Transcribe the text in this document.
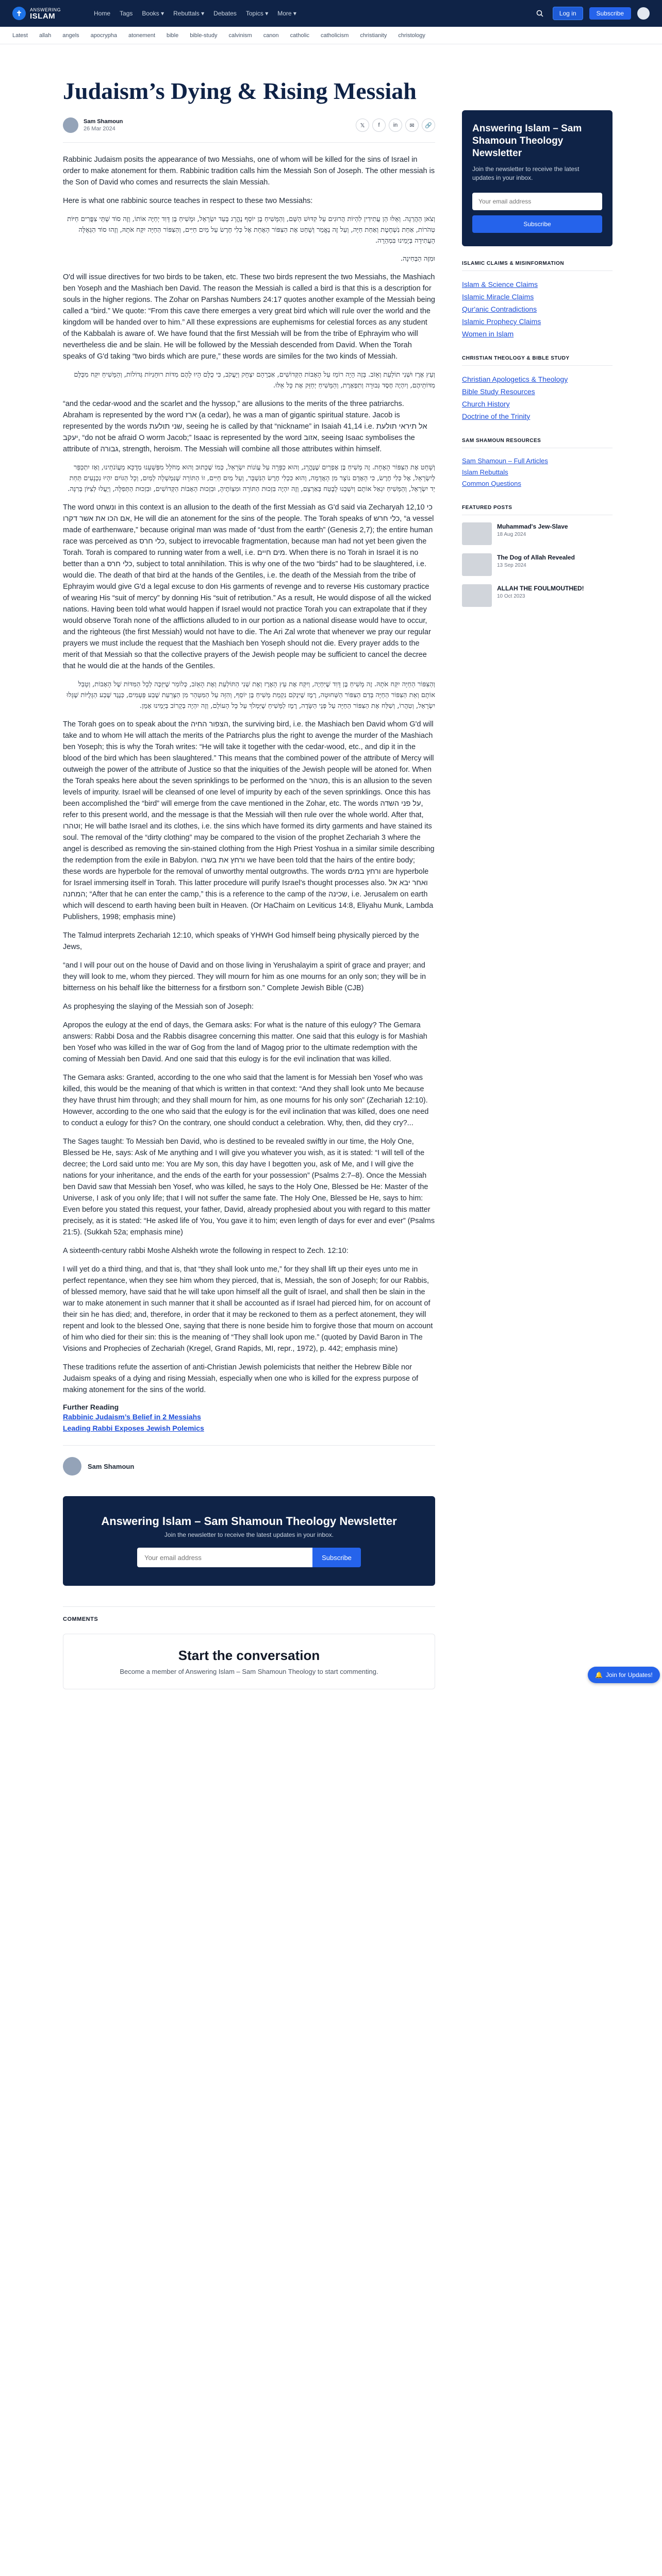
✝	ANSWERING
ISLAM	Home Tags Books ▾ Rebuttals ▾ Debates Topics ▾ More ▾	Log in	Subscribe
Latest allah angels apocrypha atonement bible bible-study calvinism canon catholic catholicism christianity christology
Judaism’s Dying & Rising Messiah
Sam Shamoun
26 Mar 2024
𝕏	f	in	✉	🔗

Rabbinic Judaism posits the appearance of two Messiahs, one of whom will be killed for the sins of Israel in order to make atonement for them. Rabbinic tradition calls him the Messiah Son of Joseph. The other messiah is the Son of David who comes and resurrects the slain Messiah.

Here is what one rabbinic source teaches in respect to these two Messiahs:

וְצֹאן הַהֲרֵגָה. וְאֵלּוּ הֵן עֲתִידִין לִהְיוֹת הֲרוּגִים עַל קִדּוּשׁ הַשֵּׁם, וְהַמָּשִׁיחַ בֶּן יוֹסֵף נֶהֱרָג בְּעַד יִשְׂרָאֵל, וּמָשִׁיחַ בֶּן דָּוִד יְחַיֶּה אוֹתוֹ, וְזֶה סוֹד שְׁתֵּי צִפֳּרִים חַיּוֹת טְהֹרוֹת, אַחַת נִשְׁחֶטֶת וְאַחַת חַיָּה, וְעַל זֶה נֶאֱמַר וְשָׁחַט אֶת הַצִּפּוֹר הָאֶחָת אֶל כְּלִי חֶרֶשׂ עַל מַיִם חַיִּים, וְהַצִּפּוֹר הַחַיָּה יִקַּח אֹתָהּ, וְזֶהוּ סוֹד הַגְּאֻלָּה הָעֲתִידָה בְּיָמֵינוּ בִּמְהֵרָה.

וּמִזֶּה הַבְּחִינָה.

O'd will issue directives for two birds to be taken, etc. These two birds represent the two Messiahs, the Mashiach ben Yoseph and the Mashiach ben David. The reason the Messiah is called a bird is that this is a description for souls in the higher regions. The Zohar on Parshas Numbers 24:17 quotes another example of the Messiah being called a “bird.” We quote: “From this cave there emerges a very great bird which will rule over the world and the kingdom will be handed over to him.” All these expressions are euphemisms for celestial forces as any student of the Kabbalah is aware of. We have found that the first Messiah will be from the tribe of Ephrayim who will nevertheless die and be slain. He will be followed by the Messiah descended from David. When the Torah speaks of G'd taking “two birds which are pure,” these words are similes for the two kinds of Messiah.

וְעֵץ אֶרֶז וּשְׁנִי תוֹלַעַת וְאֵזֹב. בָּזֶה הָיָה רוֹמֵז עַל הָאָבוֹת הַקְּדוֹשִׁים, אַבְרָהָם יִצְחָק וְיַעֲקֹב, כִּי כֻלָּם הָיוּ לָהֶם מִדּוֹת רוּחָנִיּוֹת גְּדוֹלוֹת, וְהַמָּשִׁיחַ יִקַּח מִכֻּלָּם מִדּוֹתֵיהֶם, וְיִהְיֶה חֶסֶד גְּבוּרָה וְתִפְאֶרֶת, וְהַמָּשִׁיחַ יְחַזֵּק אֶת כָּל אֵלּוּ.

“and the cedar-wood and the scarlet and the hyssop,” are allusions to the merits of the three patriarchs. Abraham is represented by the word ארז (a cedar), he was a man of gigantic spiritual stature. Jacob is represented by the words שני תולעת, seeing he is called by that “nickname” in Isaiah 41,14 i.e. אל תיראי תולעת יעקב, “do not be afraid O worm Jacob;” Isaac is represented by the word אזוב, seeing Isaac symbolises the attribute of גבורה, strength, heroism. The Messiah will combine all those attributes within himself.

וְשָׁחַט אֶת הַצִּפּוֹר הָאֶחָת. זֶה מָשִׁיחַ בֶּן אֶפְרַיִם שֶׁנֶּהֱרָג, וְהוּא כַפָּרָה עַל עֲוֹנוֹת יִשְׂרָאֵל, כְּמוֹ שֶׁכָּתוּב וְהוּא מְחֹלָל מִפְּשָׁעֵנוּ מְדֻכָּא מֵעֲוֹנֹתֵינוּ, וְאָז יִתְכַּפֵּר לְיִשְׂרָאֵל, אֶל כְּלִי חֶרֶשׂ, כִּי הָאָדָם נוֹצָר מִן הָאֲדָמָה, וְהוּא כִּכְלִי חֶרֶשׂ הַנִּשְׁבָּר, וְעַל מַיִם חַיִּים, זוֹ הַתּוֹרָה שֶׁנִּמְשְׁלָה לְמַיִם, וְכָל הַגּוֹיִם יִהְיוּ נִכְנָעִים תַּחַת יַד יִשְׂרָאֵל, וְהַמָּשִׁיחַ יִגְאַל אוֹתָם וְיִשְׁכְּנוּ לָבֶטַח בְּאַרְצָם, וְזֶה יִהְיֶה בִּזְכוּת הַתּוֹרָה וּמִצְוֹתֶיהָ, וּבִזְכוּת הָאָבוֹת הַקְּדוֹשִׁים, וּבִזְכוּת הַתְּפִלָּה, וְיַעֲלוּ לְצִיּוֹן בְּרִנָּה.

The word ונשחט in this context is an allusion to the death of the first Messiah as G'd said via Zecharyah 12,10 כי אם הכו את אשר דקרו, He will die an atonement for the sins of the people. The Torah speaks of כלי חרש, “a vessel made of earthenware,” because original man was made of “dust from the earth” (Genesis 2,7); the entire human race was perceived as כלי חרס, subject to irrevocable fragmentation, because man had not yet been given the Torah. Torah is compared to running water from a well, i.e. מים חיים. When there is no Torah in Israel it is no better than a כלי חרס, subject to total annihilation. This is why one of the two “birds” had to be slaughtered, i.e. would die. The death of that bird at the hands of the Gentiles, i.e. the death of the Messiah from the tribe of Ephrayim would give G'd a legal excuse to don His garments of revenge and to reverse His customary practice of wearing His “suit of mercy” by donning His “suit of retribution.” As a result, He would dispose of all the wicked nations. Having been told what would happen if Israel would not practice Torah you can extrapolate that if they would observe Torah none of the afflictions alluded to in our portion as a national disease would have to occur, and the righteous (the first Messiah) would not have to die. The Ari Zal wrote that whenever we pray our regular prayers we must include the request that the Mashiach ben Yoseph should not die. Every prayer adds to the merit of that Messiah so that the collective prayers of the Jewish people may be sufficient to cancel the decree that he would die at the hands of the Gentiles.

וְהַצִּפּוֹר הַחַיָּה יִקַּח אֹתָהּ. זֶה מָשִׁיחַ בֶּן דָּוִד שֶׁיִּחְיֶה, וְיִקַּח אֶת עֵץ הָאֶרֶז וְאֶת שְׁנִי הַתּוֹלַעַת וְאֶת הָאֵזֹב, כְּלוֹמַר שֶׁיִּזְכֶּה לְכָל הַמִּדּוֹת שֶׁל הָאָבוֹת, וְטָבַל אוֹתָם וְאֵת הַצִּפּוֹר הַחַיָּה בְּדַם הַצִּפּוֹר הַשְּׁחוּטָה, רֶמֶז שֶׁיִּנְקֹם נִקְמַת מָשִׁיחַ בֶּן יוֹסֵף, וְהִזָּה עַל הַמִּטַּהֵר מִן הַצָּרַעַת שֶׁבַע פְּעָמִים, כְּנֶגֶד שֶׁבַע הַגָּלֻיּוֹת שֶׁגָּלוּ יִשְׂרָאֵל, וְטִהֲרוֹ, וְשִׁלַּח אֶת הַצִּפּוֹר הַחַיָּה עַל פְּנֵי הַשָּׂדֶה, רֶמֶז לַמָּשִׁיחַ שֶׁיִּמְלֹךְ עַל כָּל הָעוֹלָם, וְזֶה יִהְיֶה בְּקָרוֹב בְּיָמֵינוּ אָמֵן.

The Torah goes on to speak about the הצפור החיה, the surviving bird, i.e. the Mashiach ben David whom G'd will take and to whom He will attach the merits of the Patriarchs plus the right to avenge the murder of the Mashiach ben Yoseph; this is why the Torah writes: “He will take it together with the cedar-wood, etc., and dip it in the blood of the bird which has been slaughtered.” This means that the combined power of the attribute of Mercy will outweigh the power of the attribute of Justice so that the iniquities of the Jewish people will be atoned for. When the Torah speaks here about the seven sprinklings to be performed on the מטהר, this is an allusion to the seven levels of impurity. Israel will be cleansed of one level of impurity by each of the seven sprinklings. Once this has been accomplished the “bird” will emerge from the cave mentioned in the Zohar, etc. The words על פני השדה, refer to this present world, and the message is that the Messiah will then rule over the whole world. After that, וטהרו; He will bathe Israel and its clothes, i.e. the sins which have formed its dirty garments and have stained its soul. The removal of the “dirty clothing” may be compared to the vision of the prophet Zechariah 3 where the angel is described as removing the sin-stained clothing from the High Priest Yoshua in a similar simile describing the redemption from the exile in Babylon. ורחץ את בשרו we have been told that the hairs of the entire body; these words are hyperbole for the removal of unworthy mental outgrowths. The words ורחץ במים are hyperbole for Israel immersing itself in Torah. This latter procedure will purify Israel’s thought processes also. ואחר יבא אל המחנה; “After that he can enter the camp,” this is a reference to the camp of the שכינה, i.e. Jerusalem on earth which will descend to earth having been built in Heaven. (Or HaChaim on Leviticus 14:8, Eliyahu Munk, Lambda Publishers, 1998; emphasis mine)

The Talmud interprets Zechariah 12:10, which speaks of YHWH God himself being physically pierced by the Jews,

“and I will pour out on the house of David and on those living in Yerushalayim a spirit of grace and prayer; and they will look to me, whom they pierced. They will mourn for him as one mourns for an only son; they will be in bitterness on his behalf like the bitterness for a firstborn son.” Complete Jewish Bible (CJB)

As prophesying the slaying of the Messiah son of Joseph:

Apropos the eulogy at the end of days, the Gemara asks: For what is the nature of this eulogy? The Gemara answers: Rabbi Dosa and the Rabbis disagree concerning this matter. One said that this eulogy is for Mashiah ben Yosef who was killed in the war of Gog from the land of Magog prior to the ultimate redemption with the coming of Messiah ben David. And one said that this eulogy is for the evil inclination that was killed.

The Gemara asks: Granted, according to the one who said that the lament is for Messiah ben Yosef who was killed, this would be the meaning of that which is written in that context: “And they shall look unto Me because they have thrust him through; and they shall mourn for him, as one mourns for his only son” (Zechariah 12:10). However, according to the one who said that the eulogy is for the evil inclination that was killed, does one need to conduct a eulogy for this? On the contrary, one should conduct a celebration. Why, then, did they cry?...

The Sages taught: To Messiah ben David, who is destined to be revealed swiftly in our time, the Holy One, Blessed be He, says: Ask of Me anything and I will give you whatever you wish, as it is stated: “I will tell of the decree; the Lord said unto me: You are My son, this day have I begotten you, ask of Me, and I will give the nations for your inheritance, and the ends of the earth for your possession” (Psalms 2:7–8). Once the Messiah ben David saw that Messiah ben Yosef, who was killed, he says to the Holy One, Blessed be He: Master of the Universe, I ask of you only life; that I will not suffer the same fate. The Holy One, Blessed be He, says to him: Even before you stated this request, your father, David, already prophesied about you with regard to this matter precisely, as it is stated: “He asked life of You, You gave it to him; even length of days for ever and ever” (Psalms 21:5). (Sukkah 52a; emphasis mine)

A sixteenth-century rabbi Moshe Alshekh wrote the following in respect to Zech. 12:10:

I will yet do a third thing, and that is, that “they shall look unto me,” for they shall lift up their eyes unto me in perfect repentance, when they see him whom they pierced, that is, Messiah, the son of Joseph; for our Rabbis, of blessed memory, have said that he will take upon himself all the guilt of Israel, and shall then be slain in the war to make atonement in such manner that it shall be accounted as if Israel had pierced him, for on account of their sin he has died; and, therefore, in order that it may be reckoned to them as a perfect atonement, they will repent and look to the blessed One, saying that there is none beside him to forgive those that mourn on account of him who died for their sin: this is the meaning of “They shall look upon me.” (quoted by David Baron in The Visions and Prophecies of Zechariah (Kregel, Grand Rapids, MI, repr., 1972), p. 442; emphasis mine)

These traditions refute the assertion of anti-Christian Jewish polemicists that neither the Hebrew Bible nor Judaism speaks of a dying and rising Messiah, especially when one who is killed for the express purpose of making atonement for the sins of the world.

Further Reading
Rabbinic Judaism’s Belief in 2 Messiahs
Leading Rabbi Exposes Jewish Polemics
Sam Shamoun
Answering Islam – Sam Shamoun Theology Newsletter

Join the newsletter to receive the latest updates in your inbox.

Your email address
Subscribe
COMMENTS
Start the conversation

Become a member of Answering Islam – Sam Shamoun Theology to start commenting.

Answering Islam – Sam Shamoun Theology Newsletter

Join the newsletter to receive the latest updates in your inbox.

Your email address Subscribe
ISLAMIC CLAIMS & MISINFORMATION
Islam & Science Claims
Islamic Miracle Claims
Qur'anic Contradictions
Islamic Prophecy Claims
Women in Islam
CHRISTIAN THEOLOGY & BIBLE STUDY
Christian Apologetics & Theology
Bible Study Resources
Church History
Doctrine of the Trinity
SAM SHAMOUN RESOURCES
Sam Shamoun – Full Articles
Islam Rebuttals
Common Questions
FEATURED POSTS
Muhammad's Jew-Slave
18 Aug 2024
The Dog of Allah Revealed
13 Sep 2024
ALLAH THE FOULMOUTHED!
10 Oct 2023
🔔 Join for Updates!
